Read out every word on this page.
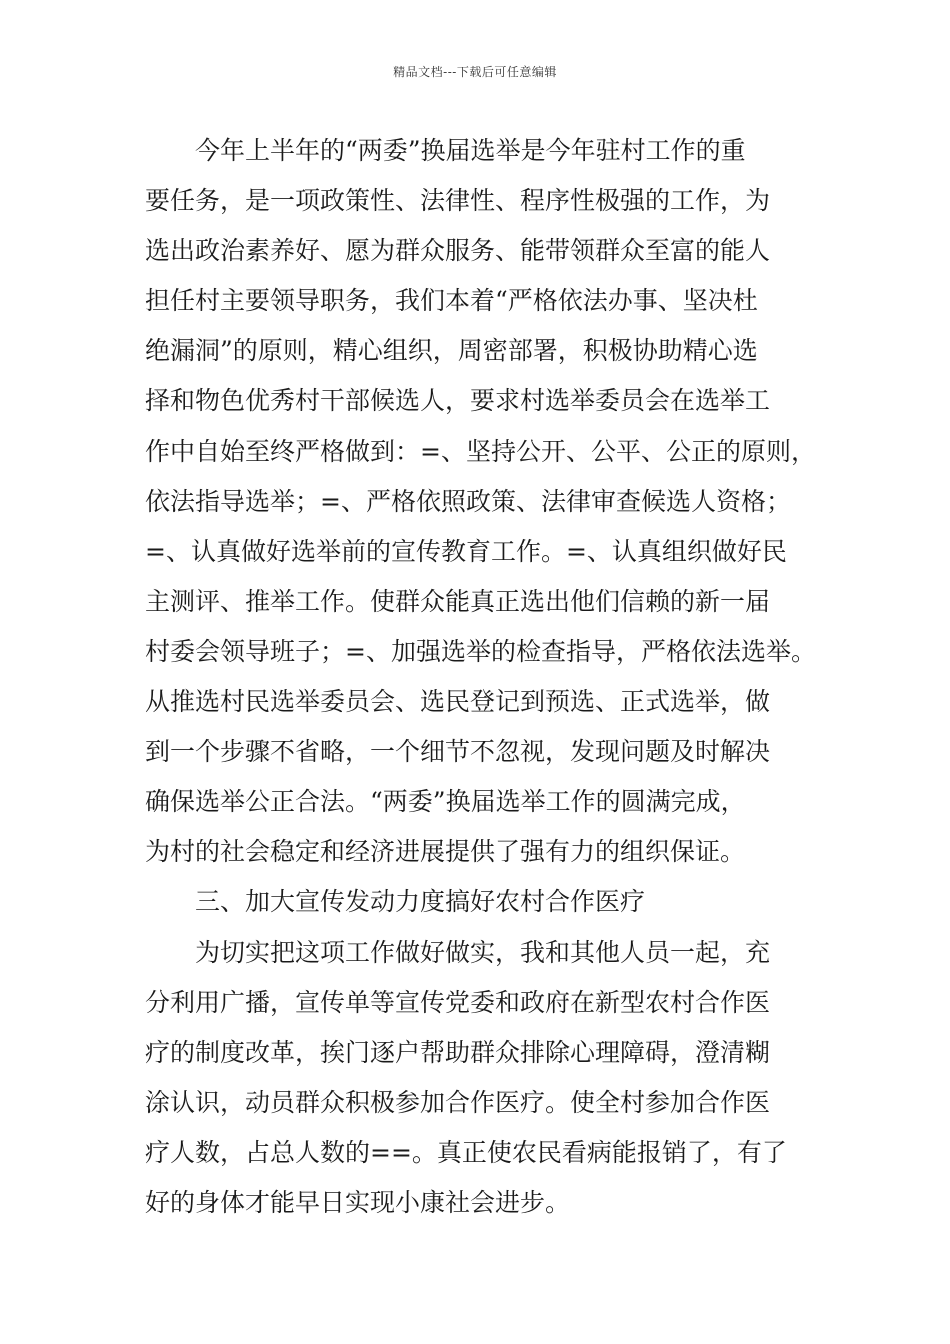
精品文档---下载后可任意编辑
今年上半年的“两委”换届选举是今年驻村工作的重
要任务，是一项政策性、法律性、程序性极强的工作，为
选出政治素养好、愿为群众服务、能带领群众至富的能人
担任村主要领导职务，我们本着“严格依法办事、坚决杜
绝漏洞”的原则，精心组织，周密部署，积极协助精心选
择和物色优秀村干部候选人，要求村选举委员会在选举工
作中自始至终严格做到：=、坚持公开、公平、公正的原则，
依法指导选举；=、严格依照政策、法律审查候选人资格；
=、认真做好选举前的宣传教育工作。=、认真组织做好民
主测评、推举工作。使群众能真正选出他们信赖的新一届
村委会领导班子；=、加强选举的检查指导，严格依法选举。
从推选村民选举委员会、选民登记到预选、正式选举，做
到一个步骤不省略，一个细节不忽视，发现问题及时解决
确保选举公正合法。“两委”换届选举工作的圆满完成，
为村的社会稳定和经济进展提供了强有力的组织保证。
三、加大宣传发动力度搞好农村合作医疗
为切实把这项工作做好做实，我和其他人员一起，充
分利用广播，宣传单等宣传党委和政府在新型农村合作医
疗的制度改革，挨门逐户帮助群众排除心理障碍，澄清糊
涂认识，动员群众积极参加合作医疗。使全村参加合作医
疗人数，占总人数的==。真正使农民看病能报销了，有了
好的身体才能早日实现小康社会进步。
